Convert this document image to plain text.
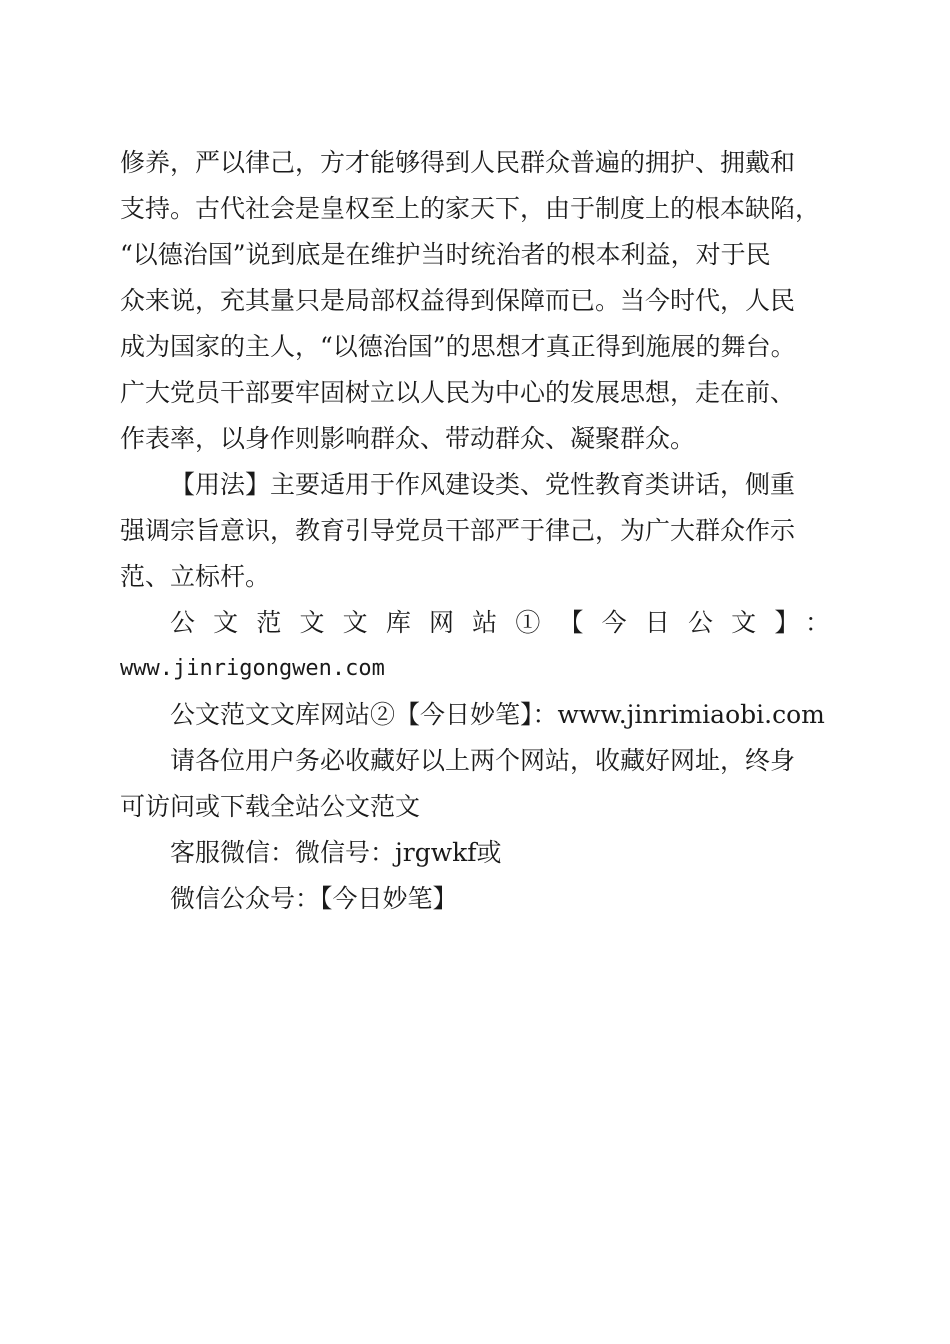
修养，严以律己，方才能够得到人民群众普遍的拥护、拥戴和
支持。古代社会是皇权至上的家天下，由于制度上的根本缺陷，
“以德治国”说到底是在维护当时统治者的根本利益，对于民
众来说，充其量只是局部权益得到保障而已。当今时代，人民
成为国家的主人，“以德治国”的思想才真正得到施展的舞台。
广大党员干部要牢固树立以人民为中心的发展思想，走在前、
作表率，以身作则影响群众、带动群众、凝聚群众。
【用法】主要适用于作风建设类、党性教育类讲话，侧重
强调宗旨意识，教育引导党员干部严于律己，为广大群众作示
范、立标杆。
公文范文文库网站①【今日公文】：
www.jinrigongwen.com
公文范文文库网站②【今日妙笔】：www.jinrimiaobi.com
请各位用户务必收藏好以上两个网站，收藏好网址，终身
可访问或下载全站公文范文
客服微信：微信号：jrgwkf或
微信公众号：【今日妙笔】
